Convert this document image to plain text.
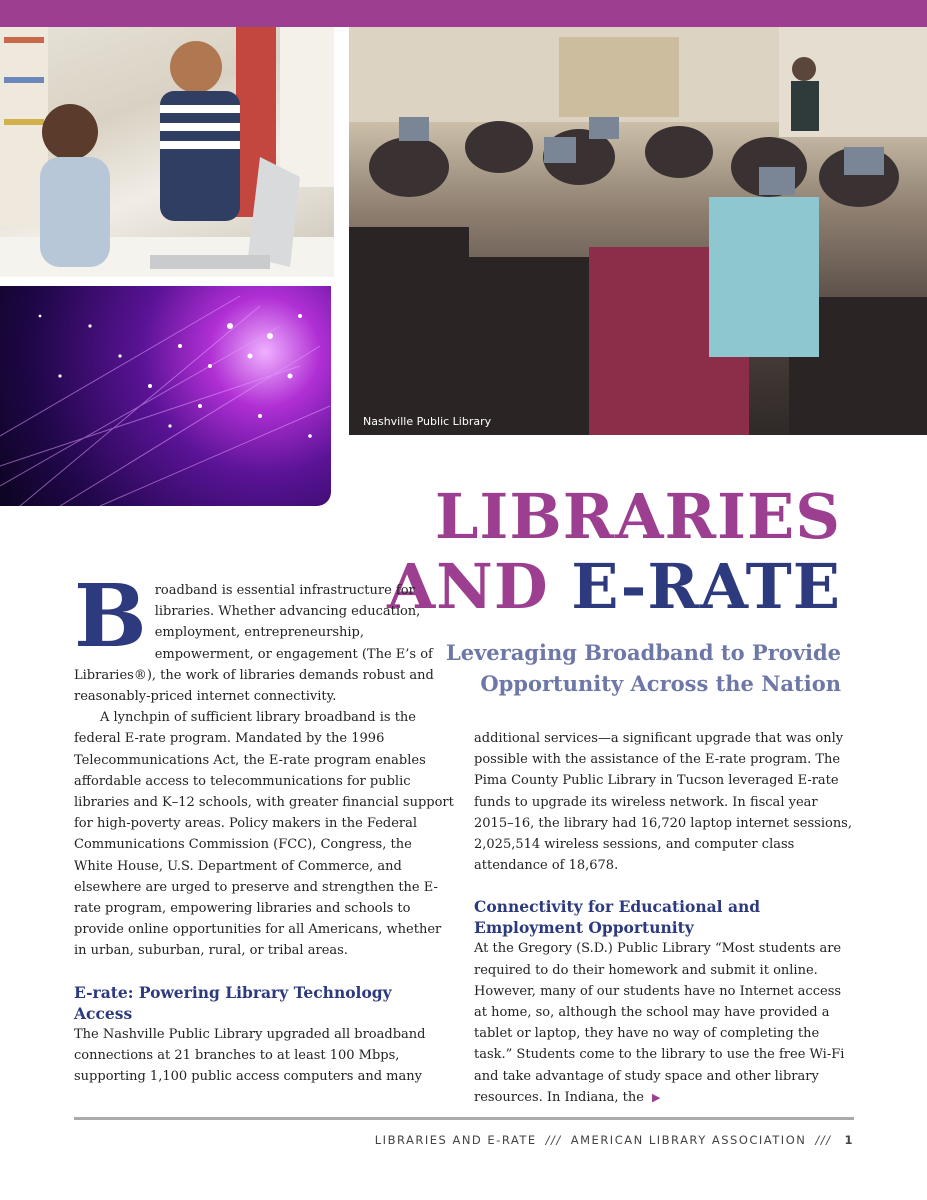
Nashville Public Library
LIBRARIES
AND E-RATE
Leveraging Broadband to Provide Opportunity Across the Nation
B roadband is essential infrastructure for libraries. Whether advancing education, employment, entrepreneurship, empowerment, or engagement (The E’s of Libraries®), the work of libraries demands robust and reasonably-priced internet connectivity.

A lynchpin of sufficient library broadband is the federal E-rate program. Mandated by the 1996 Telecommunications Act, the E-rate program enables affordable access to telecommunications for public libraries and K–12 schools, with greater financial support for high-poverty areas. Policy makers in the Federal Communications Commission (FCC), Congress, the White House, U.S. Department of Commerce, and elsewhere are urged to preserve and strengthen the E-rate program, empowering libraries and schools to provide online opportunities for all Americans, whether in urban, suburban, rural, or tribal areas.

E-rate: Powering Library Technology Access

The Nashville Public Library upgraded all broadband connections at 21 branches to at least 100 Mbps, supporting 1,100 public access computers and many

additional services—a significant upgrade that was only possible with the assistance of the E-rate program. The Pima County Public Library in Tucson leveraged E-rate funds to upgrade its wireless network. In fiscal year 2015–16, the library had 16,720 laptop internet sessions, 2,025,514 wireless sessions, and computer class attendance of 18,678.

Connectivity for Educational and Employment Opportunity

At the Gregory (S.D.) Public Library “Most students are required to do their homework and submit it online. However, many of our students have no Internet access at home, so, although the school may have provided a tablet or laptop, they have no way of completing the task.” Students come to the library to use the free Wi-Fi and take advantage of study space and other library resources. In Indiana, the ▶

LIBRARIES AND E-RATE /// AMERICAN LIBRARY ASSOCIATION /// 1
